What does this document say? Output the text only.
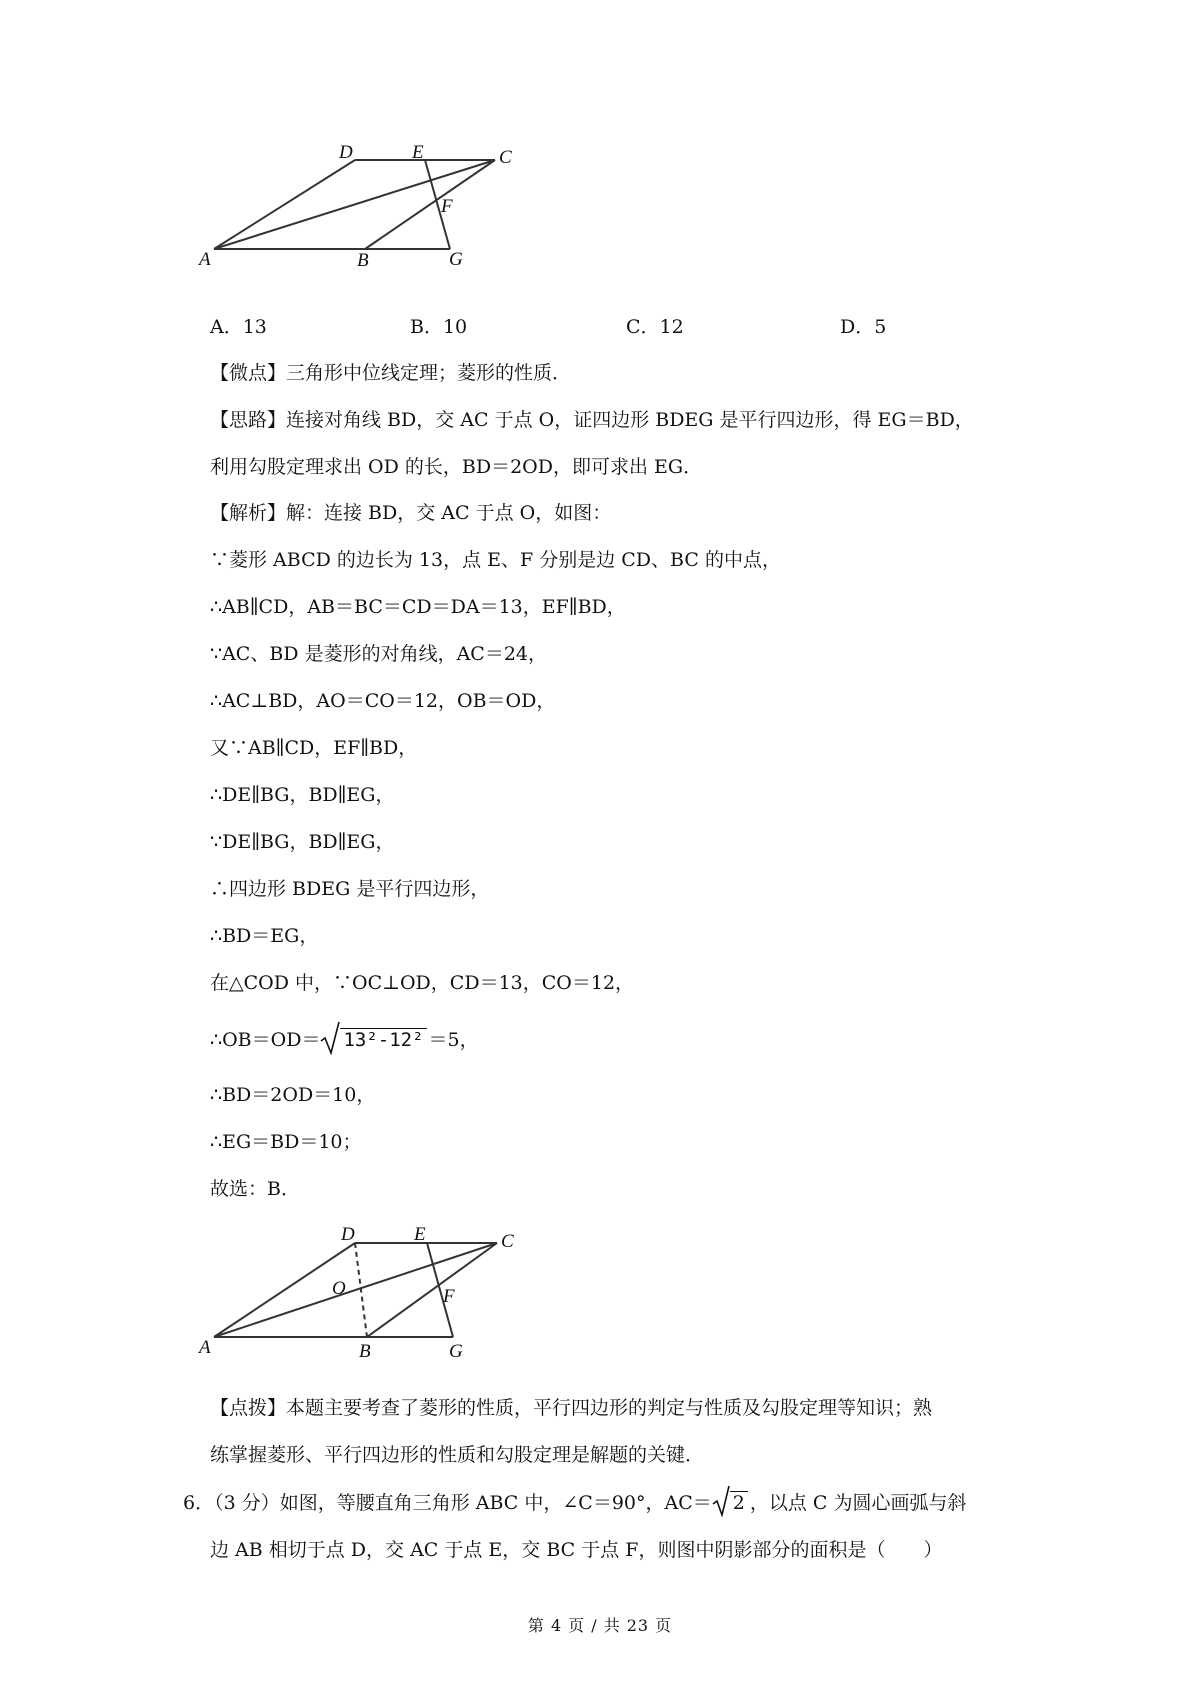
A	B
C
D	E
F
G
A．13	B．10	C．12	D．5
【微点】三角形中位线定理；菱形的性质．
【思路】连接对角线 BD，交 AC 于点 O，证四边形 BDEG 是平行四边形，得 EG＝BD，
利用勾股定理求出 OD 的长，BD＝2OD，即可求出 EG．
【解析】解：连接 BD，交 AC 于点 O，如图：
∵菱形 ABCD 的边长为 13，点 E、F 分别是边 CD、BC 的中点，
∴AB∥CD，AB＝BC＝CD＝DA＝13，EF∥BD，
∵AC、BD 是菱形的对角线，AC＝24，
∴AC⊥BD，AO＝CO＝12，OB＝OD，
又∵AB∥CD，EF∥BD，
∴DE∥BG，BD∥EG，
∵DE∥BG，BD∥EG，
∴四边形 BDEG 是平行四边形，
∴BD＝EG，
在△COD 中，∵OC⊥OD，CD＝13，CO＝12，
∴OB＝OD＝ 13²-12² ＝5，
∴BD＝2OD＝10，
∴EG＝BD＝10；
故选：B．
A	B
C
D	E
F
G
O
【点拨】本题主要考查了菱形的性质，平行四边形的判定与性质及勾股定理等知识；熟
练掌握菱形、平行四边形的性质和勾股定理是解题的关键．
6．（3 分）如图，等腰直角三角形 ABC 中，∠C＝90°，AC＝ 2 ，以点 C 为圆心画弧与斜
边 AB 相切于点 D，交 AC 于点 E，交 BC 于点 F，则图中阴影部分的面积是（　　）
第 4 页 / 共 23 页
